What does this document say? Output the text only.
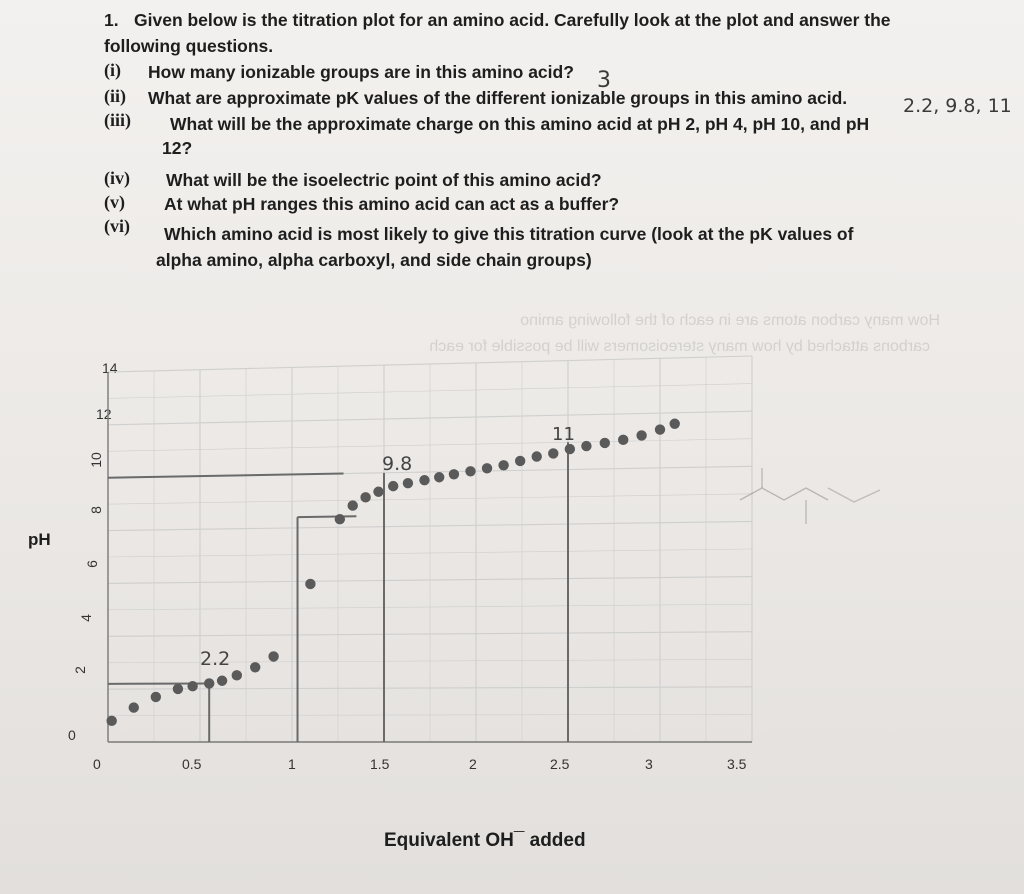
1. Given below is the titration plot for an amino acid. Carefully look at the plot and answer the
following questions.
(i) How many ionizable groups are in this amino acid?
(ii) What are approximate pK values of the different ionizable groups in this amino acid.
(iii) What will be the approximate charge on this amino acid at pH 2, pH 4, pH 10, and pH
12?
(iv) What will be the isoelectric point of this amino acid?
(v) At what pH ranges this amino acid can act as a buffer?
(vi) Which amino acid is most likely to give this titration curve (look at the pK values of
alpha amino, alpha carboxyl, and side chain groups)
3
2.2, 9.8, 11
How many carbon atoms are in each of the following amino
carbons attached by how many stereoisomers will be possible for each
pH
Equivalent OH¯ added
0
2
4
6
8
10
12
14
0	0.5	1	1.5	2	2.5	3	3.5
2.2
9.8
11
